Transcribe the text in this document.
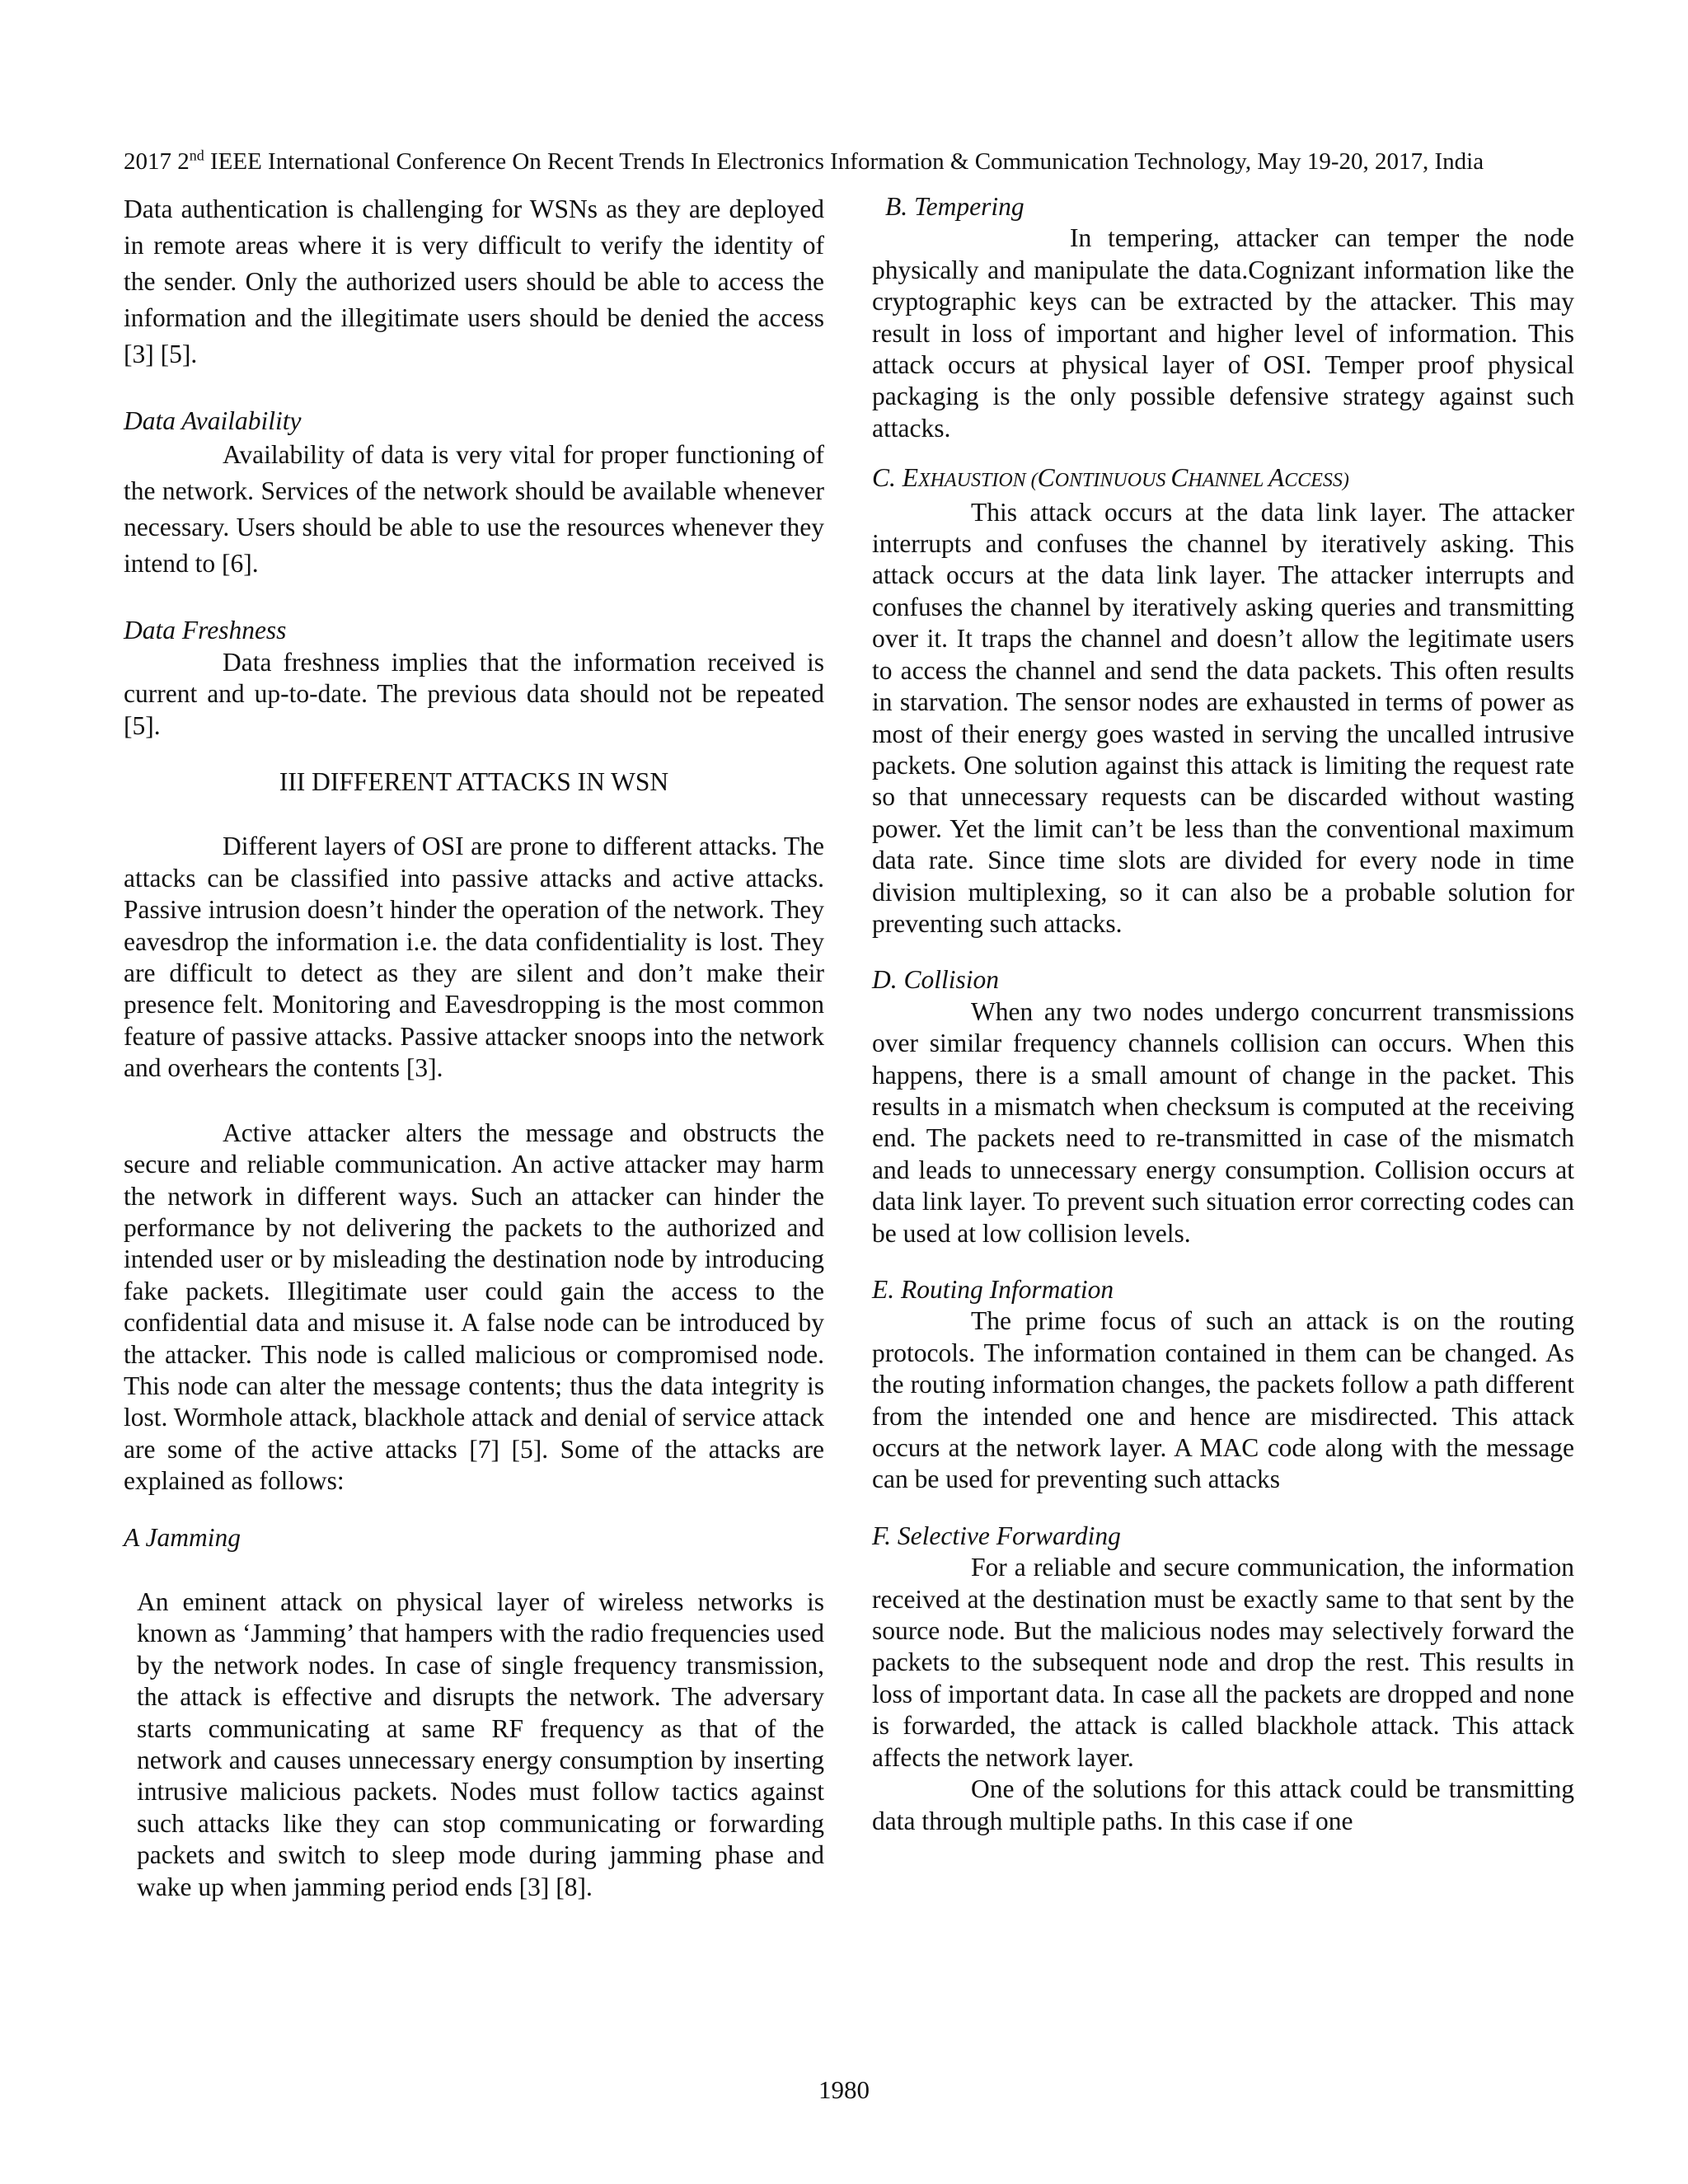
2017 2nd IEEE International Conference On Recent Trends In Electronics Information & Communication Technology, May 19-20, 2017, India

Data authentication is challenging for WSNs as they are deployed in remote areas where it is very difficult to verify the identity of the sender. Only the authorized users should be able to access the information and the illegitimate users should be denied the access [3] [5].

Data Availability

Availability of data is very vital for proper functioning of the network. Services of the network should be available whenever necessary. Users should be able to use the resources whenever they intend to [6].

Data Freshness

Data freshness implies that the information received is current and up-to-date. The previous data should not be repeated [5].

III DIFFERENT ATTACKS IN WSN

Different layers of OSI are prone to different attacks. The attacks can be classified into passive attacks and active attacks. Passive intrusion doesn’t hinder the operation of the network. They eavesdrop the information i.e. the data confidentiality is lost. They are difficult to detect as they are silent and don’t make their presence felt. Monitoring and Eavesdropping is the most common feature of passive attacks. Passive attacker snoops into the network and overhears the contents [3].

Active attacker alters the message and obstructs the secure and reliable communication. An active attacker may harm the network in different ways. Such an attacker can hinder the performance by not delivering the packets to the authorized and intended user or by misleading the destination node by introducing fake packets. Illegitimate user could gain the access to the confidential data and misuse it. A false node can be introduced by the attacker. This node is called malicious or compromised node. This node can alter the message contents; thus the data integrity is lost. Wormhole attack, blackhole attack and denial of service attack are some of the active attacks [7] [5]. Some of the attacks are explained as follows:

A Jamming

An eminent attack on physical layer of wireless networks is known as ‘Jamming’ that hampers with the radio frequencies used by the network nodes. In case of single frequency transmission, the attack is effective and disrupts the network. The adversary starts communicating at same RF frequency as that of the network and causes unnecessary energy consumption by inserting intrusive malicious packets. Nodes must follow tactics against such attacks like they can stop communicating or forwarding packets and switch to sleep mode during jamming phase and wake up when jamming period ends [3] [8].

B. Tempering

In tempering, attacker can temper the node physically and manipulate the data.Cognizant information like the cryptographic keys can be extracted by the attacker. This may result in loss of important and higher level of information. This attack occurs at physical layer of OSI. Temper proof physical packaging is the only possible defensive strategy against such attacks.

C. EXHAUSTION (CONTINUOUS CHANNEL ACCESS)

This attack occurs at the data link layer. The attacker interrupts and confuses the channel by iteratively asking. This attack occurs at the data link layer. The attacker interrupts and confuses the channel by iteratively asking queries and transmitting over it. It traps the channel and doesn’t allow the legitimate users to access the channel and send the data packets. This often results in starvation. The sensor nodes are exhausted in terms of power as most of their energy goes wasted in serving the uncalled intrusive packets. One solution against this attack is limiting the request rate so that unnecessary requests can be discarded without wasting power. Yet the limit can’t be less than the conventional maximum data rate. Since time slots are divided for every node in time division multiplexing, so it can also be a probable solution for preventing such attacks.

D. Collision

When any two nodes undergo concurrent transmissions over similar frequency channels collision can occurs. When this happens, there is a small amount of change in the packet. This results in a mismatch when checksum is computed at the receiving end. The packets need to re-transmitted in case of the mismatch and leads to unnecessary energy consumption. Collision occurs at data link layer. To prevent such situation error correcting codes can be used at low collision levels.

E. Routing Information

The prime focus of such an attack is on the routing protocols. The information contained in them can be changed. As the routing information changes, the packets follow a path different from the intended one and hence are misdirected. This attack occurs at the network layer. A MAC code along with the message can be used for preventing such attacks

F. Selective Forwarding

For a reliable and secure communication, the information received at the destination must be exactly same to that sent by the source node. But the malicious nodes may selectively forward the packets to the subsequent node and drop the rest. This results in loss of important data. In case all the packets are dropped and none is forwarded, the attack is called blackhole attack. This attack affects the network layer.

One of the solutions for this attack could be transmitting data through multiple paths. In this case if one

1980
